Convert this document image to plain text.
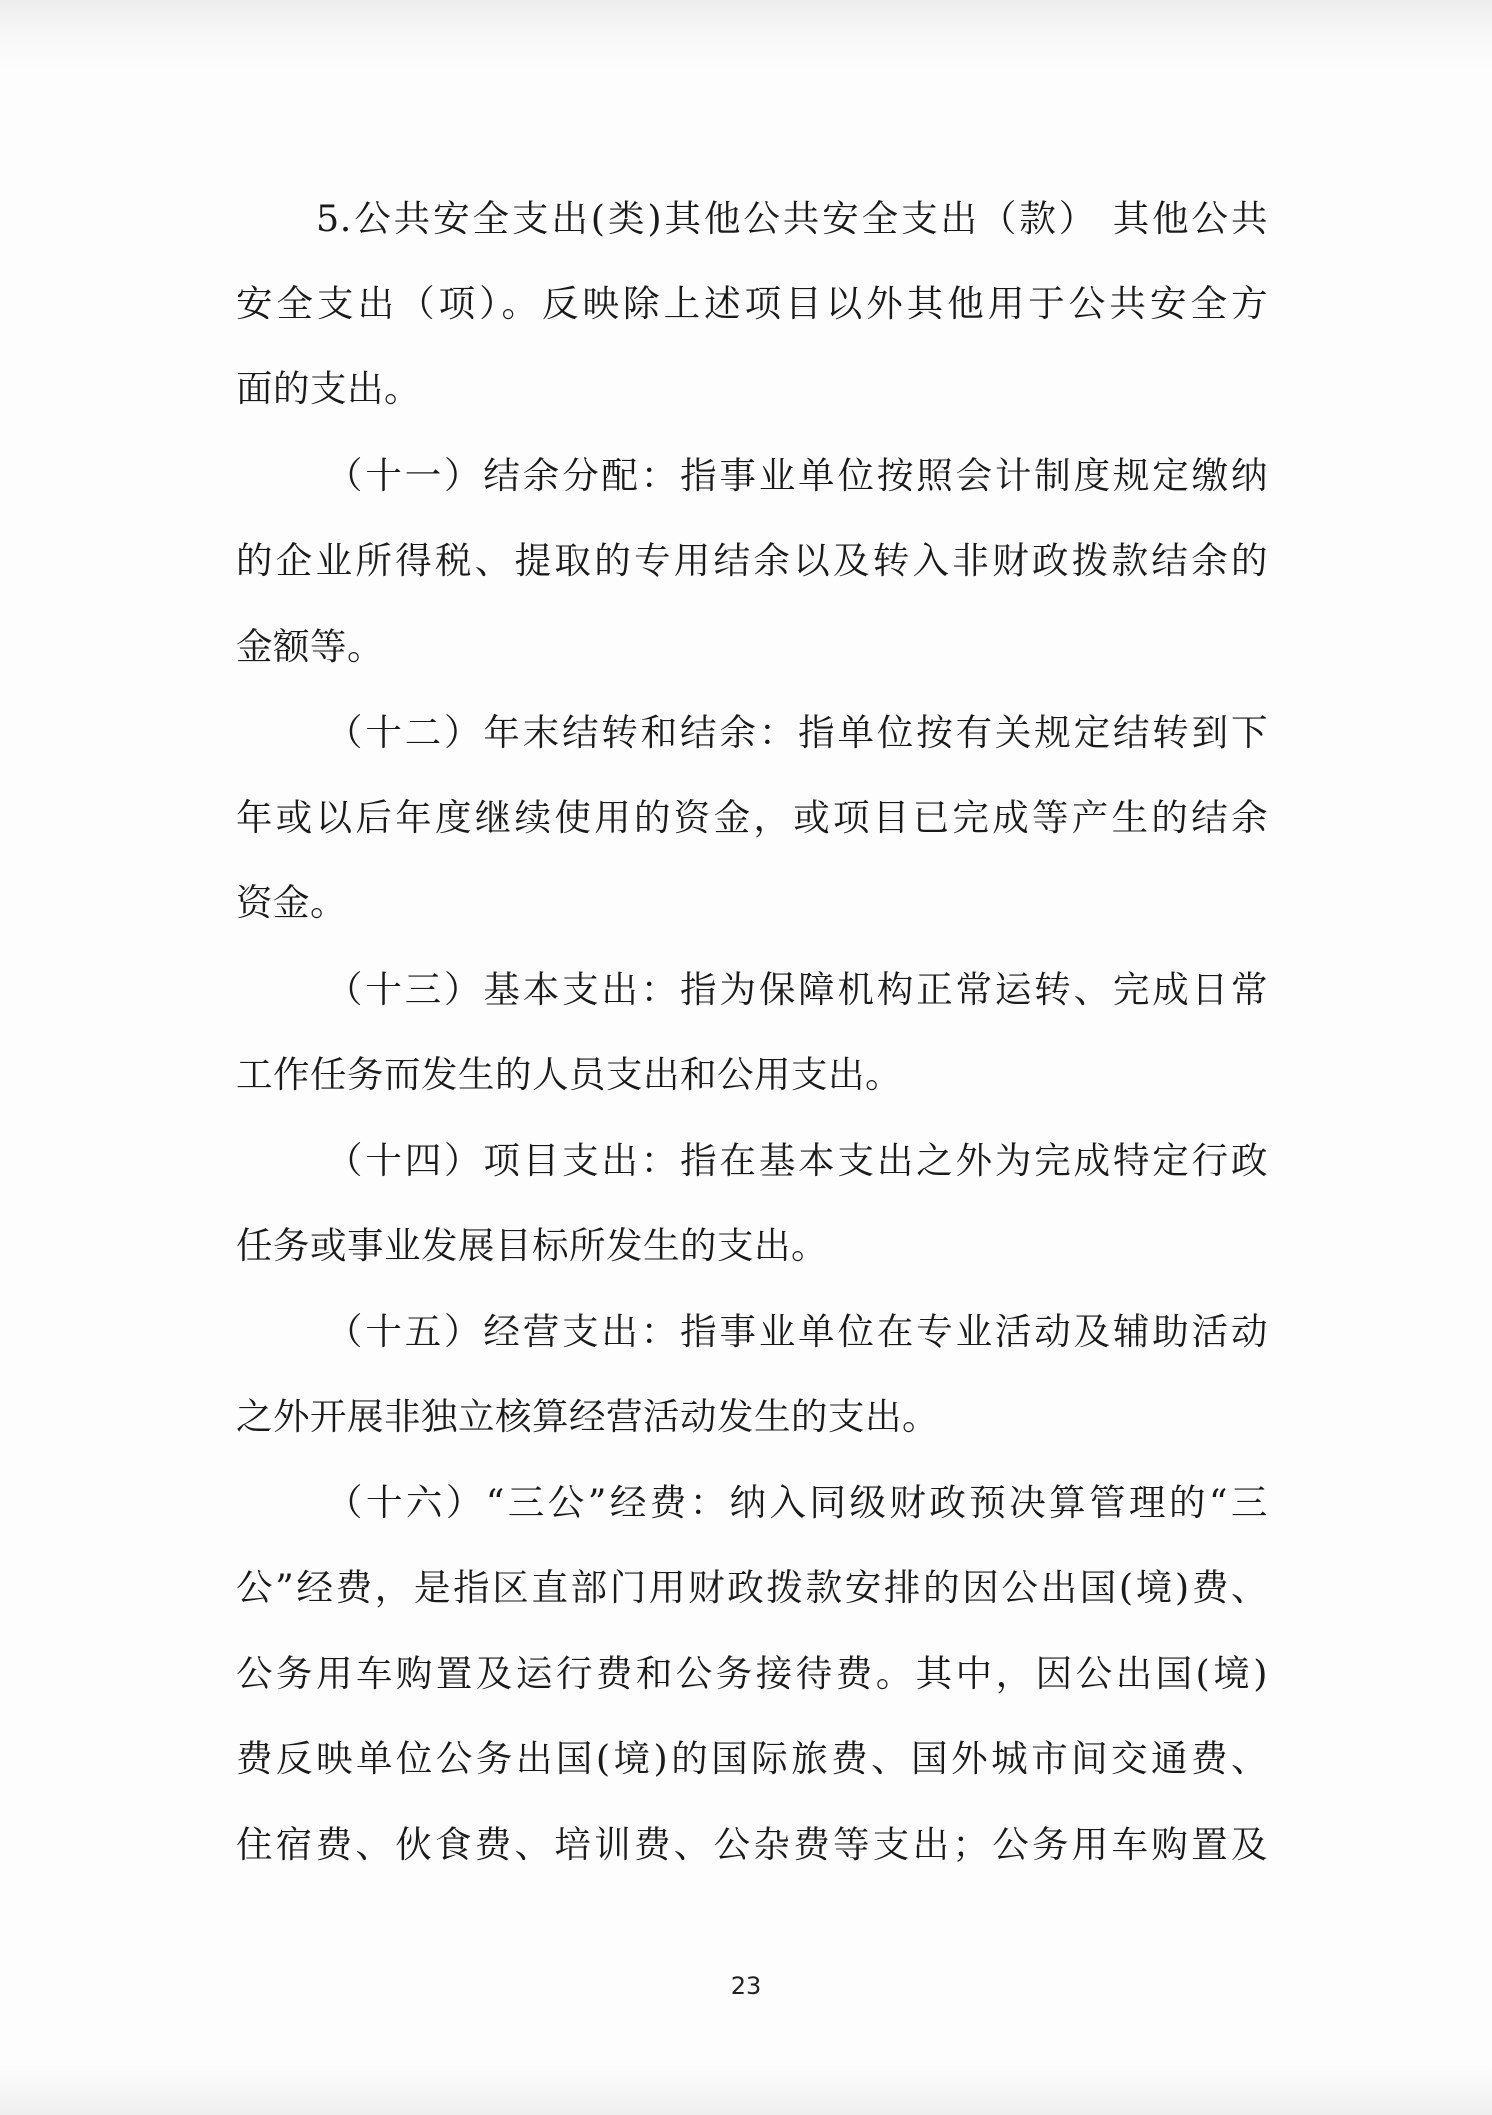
5.公共安全支出(类)其他公共安全支出（款） 其他公共
安全支出（项）。反映除上述项目以外其他用于公共安全方
面的支出。
（十一）结余分配：指事业单位按照会计制度规定缴纳
的企业所得税、提取的专用结余以及转入非财政拨款结余的
金额等。
（十二）年末结转和结余：指单位按有关规定结转到下
年或以后年度继续使用的资金，或项目已完成等产生的结余
资金。
（十三）基本支出：指为保障机构正常运转、完成日常
工作任务而发生的人员支出和公用支出。
（十四）项目支出：指在基本支出之外为完成特定行政
任务或事业发展目标所发生的支出。
（十五）经营支出：指事业单位在专业活动及辅助活动
之外开展非独立核算经营活动发生的支出。
（十六）“三公”经费：纳入同级财政预决算管理的“三
公”经费，是指区直部门用财政拨款安排的因公出国(境)费、
公务用车购置及运行费和公务接待费。其中，因公出国(境)
费反映单位公务出国(境)的国际旅费、国外城市间交通费、
住宿费、伙食费、培训费、公杂费等支出；公务用车购置及
23
